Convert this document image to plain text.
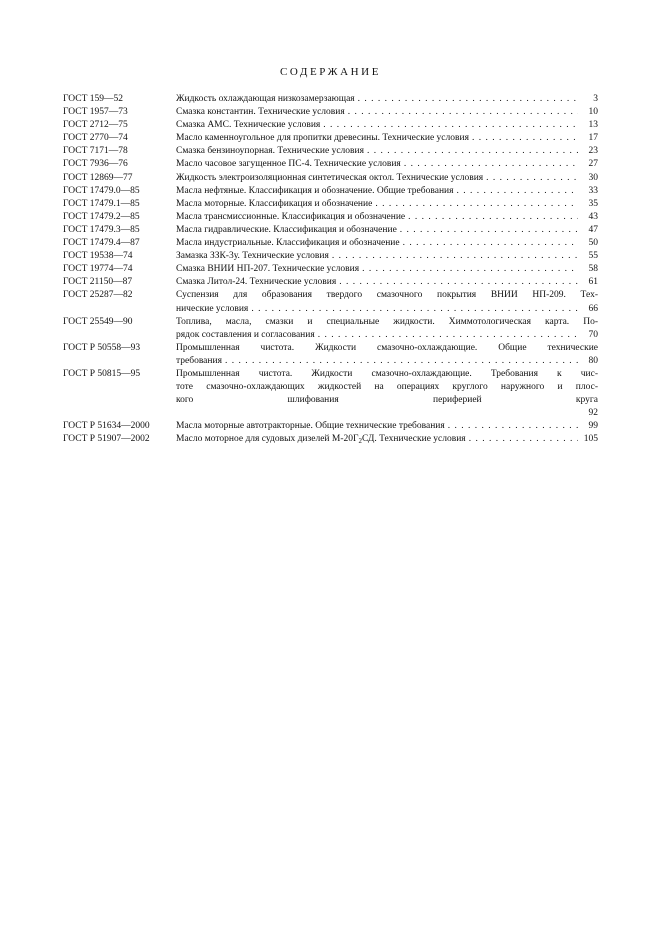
СОДЕРЖАНИЕ
ГОСТ 159—52	Жидкость охлаждающая низкозамерзающая . . .	3
ГОСТ 1957—73	Смазка константин. Технические условия . . .	10
ГОСТ 2712—75	Смазка АМС. Технические условия . . .	13
ГОСТ 2770—74	Масло каменноугольное для пропитки древесины. Технические условия . . .	17
ГОСТ 7171—78	Смазка бензиноупорная. Технические условия . . .	23
ГОСТ 7936—76	Масло часовое загущенное ПС-4. Технические условия . . .	27
ГОСТ 12869—77	Жидкость электроизоляционная синтетическая октол. Технические условия . . .	30
ГОСТ 17479.0—85	Масла нефтяные. Классификация и обозначение. Общие требования . . .	33
ГОСТ 17479.1—85	Масла моторные. Классификация и обозначение . . .	35
ГОСТ 17479.2—85	Масла трансмиссионные. Классификация и обозначение . . .	43
ГОСТ 17479.3—85	Масла гидравлические. Классификация и обозначение . . .	47
ГОСТ 17479.4—87	Масла индустриальные. Классификация и обозначение . . .	50
ГОСТ 19538—74	Замазка ЗЗК-3у. Технические условия . . .	55
ГОСТ 19774—74	Смазка ВНИИ НП-207. Технические условия . . .	58
ГОСТ 21150—87	Смазка Литол-24. Технические условия . . .	61
ГОСТ 25287—82	Суспензия для образования твердого смазочного покрытия ВНИИ НП-209. Тех-
нические условия . . .	66
ГОСТ 25549—90	Топлива, масла, смазки и специальные жидкости. Химмотологическая карта. По-
рядок составления и согласования . . .	70
ГОСТ Р 50558—93	Промышленная чистота. Жидкости смазочно-охлаждающие. Общие технические
требования . . .	80
ГОСТ Р 50815—95	Промышленная чистота. Жидкости смазочно-охлаждающие. Требования к чис-
тоте смазочно-охлаждающих жидкостей на операциях круглого наружного и плос-
кого шлифования периферией круга
92
ГОСТ Р 51634—2000	Масла моторные автотракторные. Общие технические требования . . .	99
ГОСТ Р 51907—2002	Масло моторное для судовых дизелей $М-20Г_2СД$. Технические условия . . .	105
